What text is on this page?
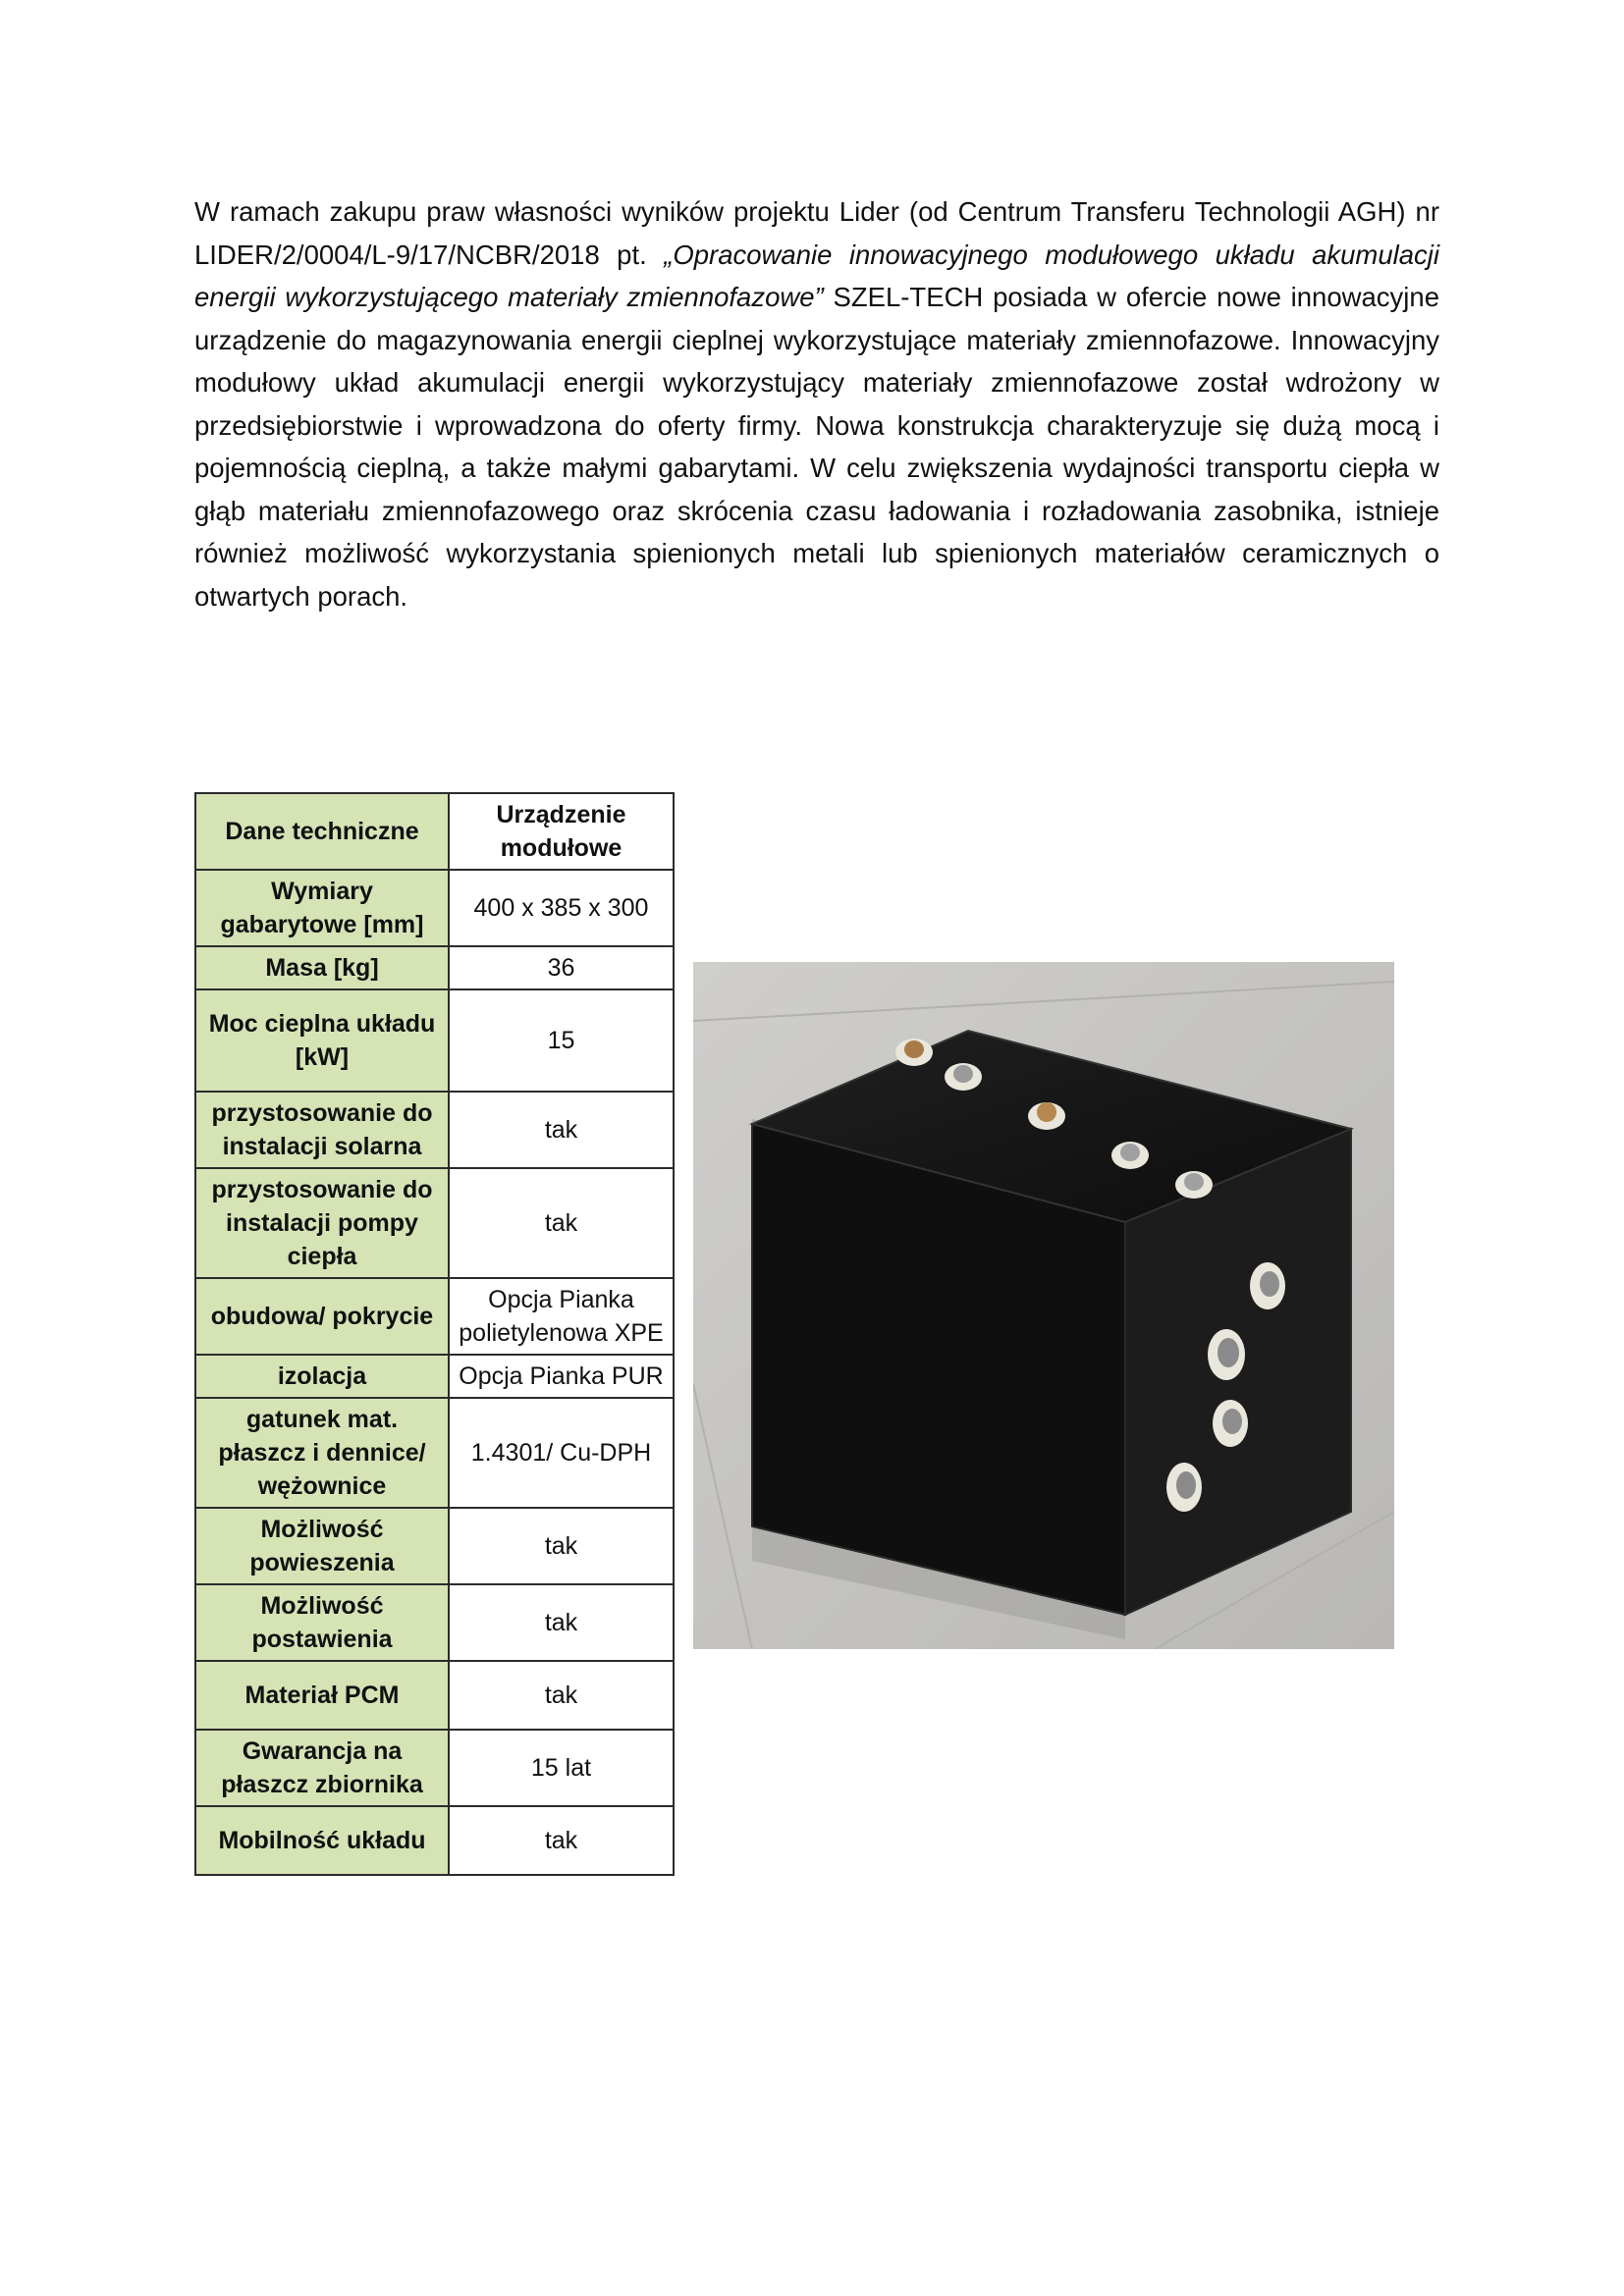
W ramach zakupu praw własności wyników projektu Lider (od Centrum Transferu Technologii AGH) nr LIDER/2/0004/L-9/17/NCBR/2018 pt. „Opracowanie innowacyjnego modułowego układu akumulacji energii wykorzystującego materiały zmiennofazowe” SZEL-TECH posiada w ofercie nowe innowacyjne urządzenie do magazynowania energii cieplnej wykorzystujące materiały zmiennofazowe. Innowacyjny modułowy układ akumulacji energii wykorzystujący materiały zmiennofazowe został wdrożony w przedsiębiorstwie i wprowadzona do oferty firmy. Nowa konstrukcja charakteryzuje się dużą mocą i pojemnością cieplną, a także małymi gabarytami. W celu zwiększenia wydajności transportu ciepła w głąb materiału zmiennofazowego oraz skrócenia czasu ładowania i rozładowania zasobnika, istnieje również możliwość wykorzystania spienionych metali lub spienionych materiałów ceramicznych o otwartych porach.

Dane techniczne	Urządzenie modułowe
Wymiary gabarytowe [mm]	400 x 385 x 300
Masa [kg]	36
Moc cieplna układu [kW]	15
przystosowanie do instalacji solarna	tak
przystosowanie do instalacji pompy ciepła	tak
obudowa/ pokrycie	Opcja Pianka polietylenowa XPE
izolacja	Opcja Pianka PUR
gatunek mat. płaszcz i dennice/ wężownice	1.4301/ Cu-DPH
Możliwość powieszenia	tak
Możliwość postawienia	tak
Materiał PCM	tak
Gwarancja na płaszcz zbiornika	15 lat
Mobilność układu	tak
